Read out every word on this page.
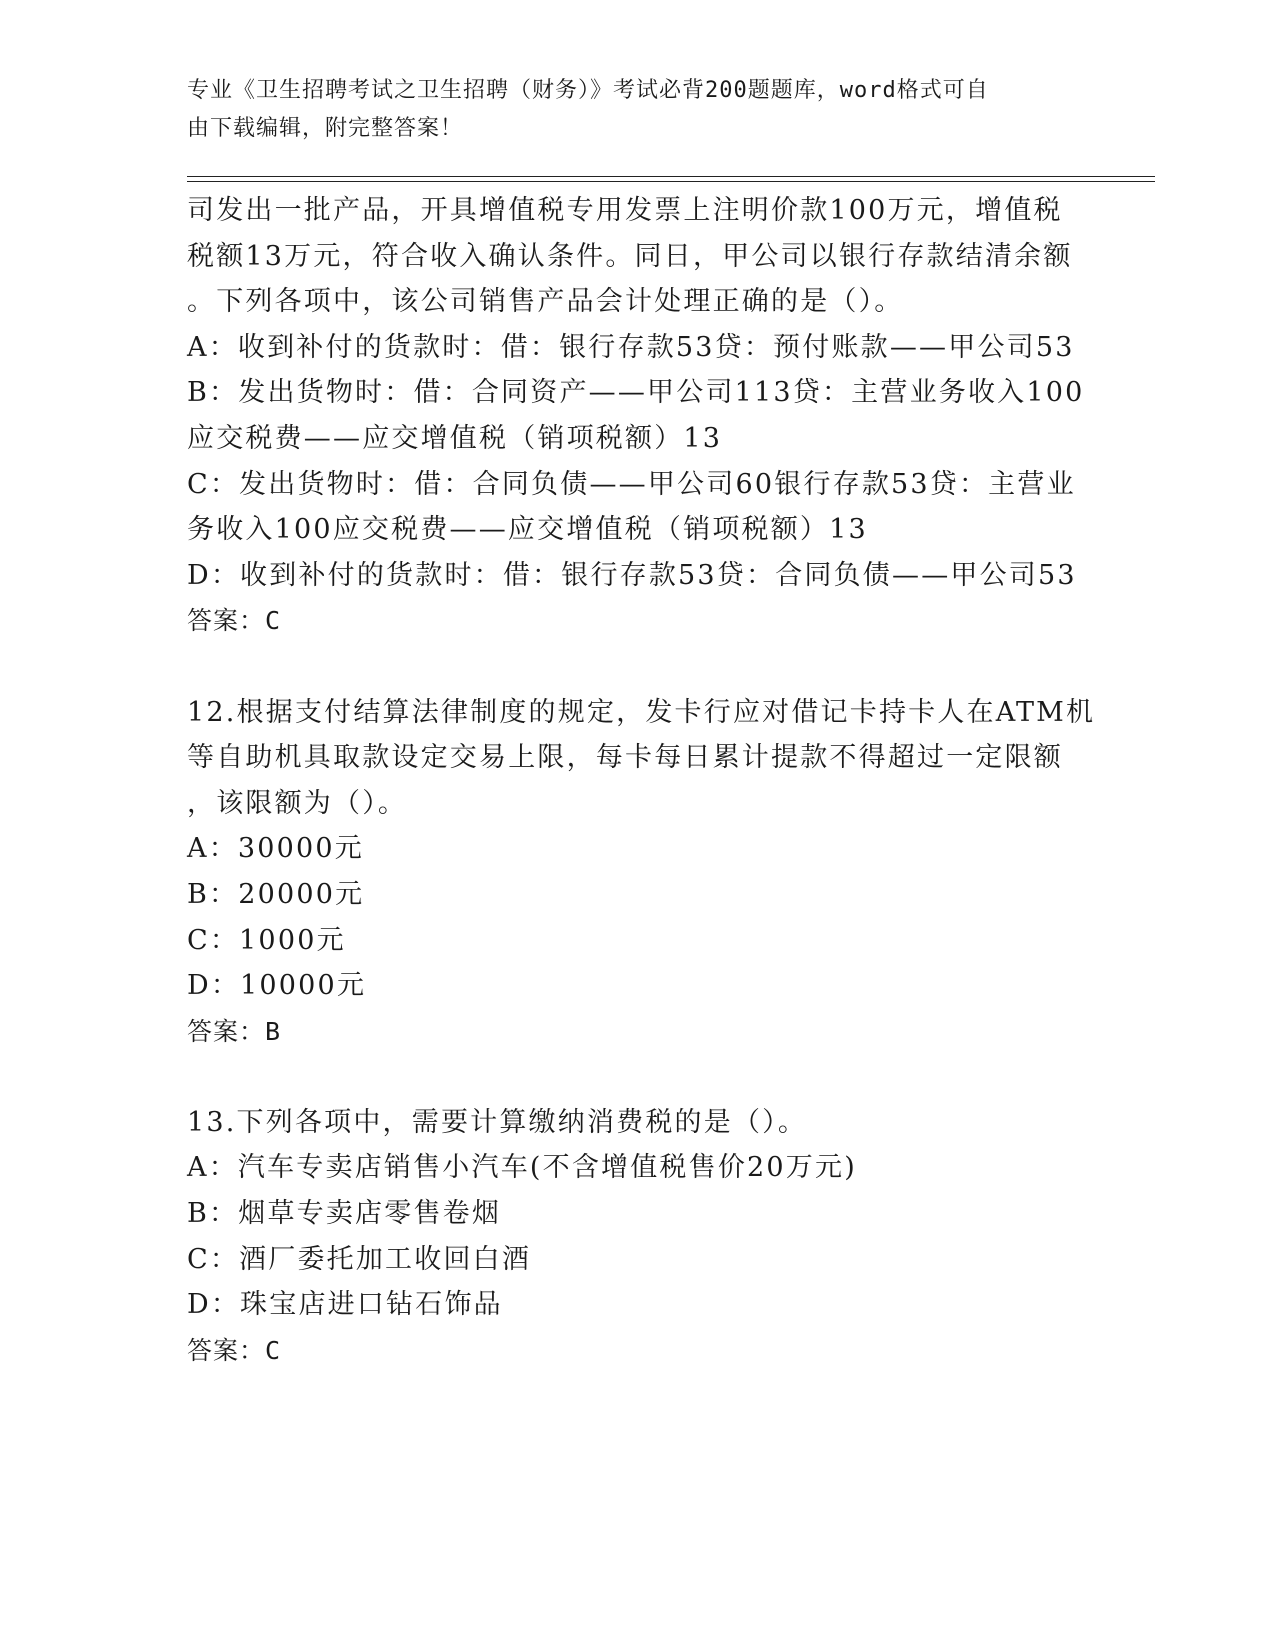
专业《卫生招聘考试之卫生招聘（财务）》考试必背200题题库，word格式可自
由下载编辑，附完整答案！
司发出一批产品，开具增值税专用发票上注明价款100万元，增值税
税额13万元，符合收入确认条件。同日，甲公司以银行存款结清余额
。下列各项中，该公司销售产品会计处理正确的是（）。
A：收到补付的货款时：借：银行存款53贷：预付账款——甲公司53
B：发出货物时：借：合同资产——甲公司113贷：主营业务收入100
应交税费——应交增值税（销项税额）13
C：发出货物时：借：合同负债——甲公司60银行存款53贷：主营业
务收入100应交税费——应交增值税（销项税额）13
D：收到补付的货款时：借：银行存款53贷：合同负债——甲公司53
答案：C
12.根据支付结算法律制度的规定，发卡行应对借记卡持卡人在ATM机
等自助机具取款设定交易上限，每卡每日累计提款不得超过一定限额
，该限额为（）。
A：30000元
B：20000元
C：1000元
D：10000元
答案：B
13.下列各项中，需要计算缴纳消费税的是（）。
A：汽车专卖店销售小汽车(不含增值税售价20万元)
B：烟草专卖店零售卷烟
C：酒厂委托加工收回白酒
D：珠宝店进口钻石饰品
答案：C
